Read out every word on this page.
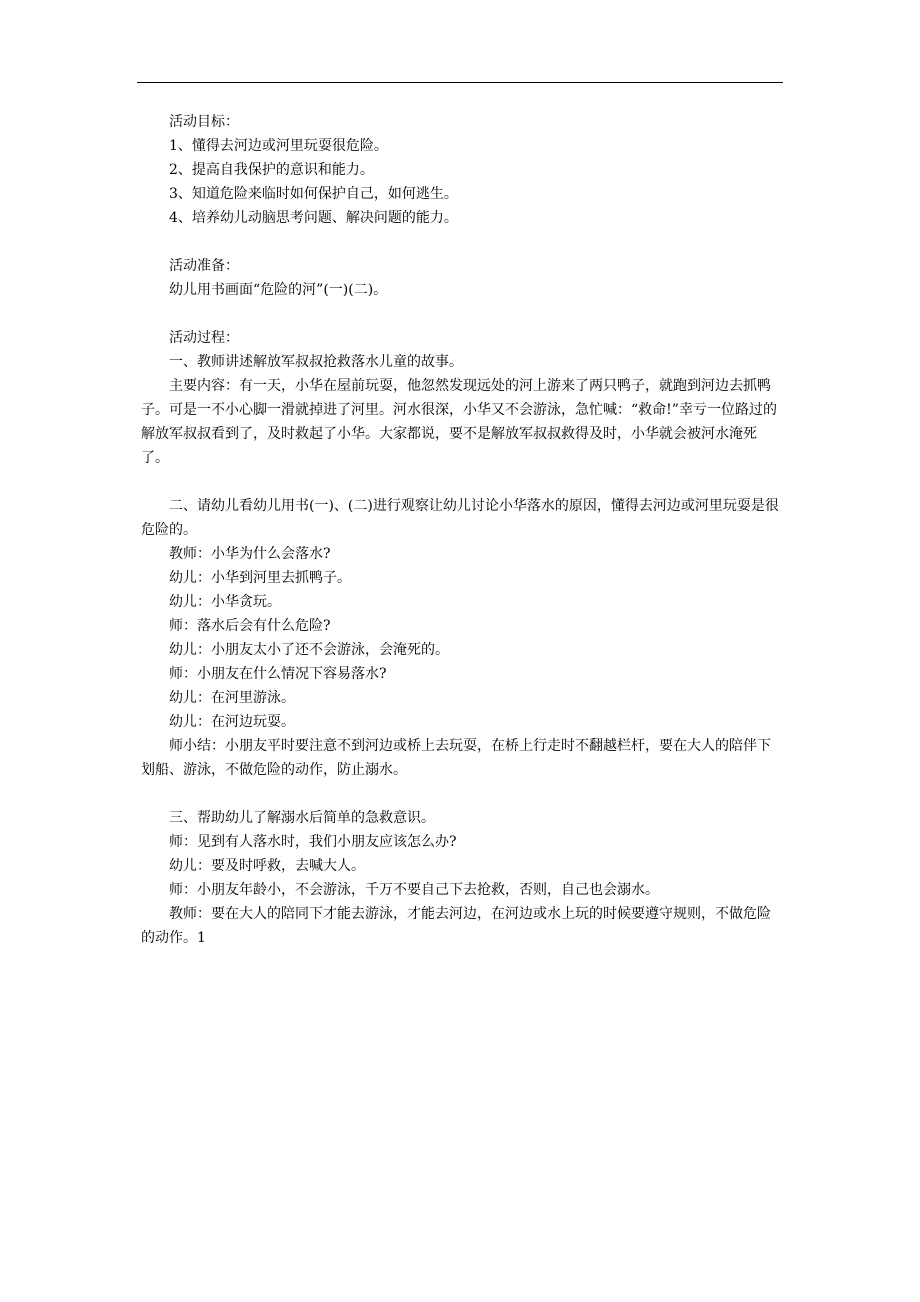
活动目标：

1、懂得去河边或河里玩耍很危险。

2、提高自我保护的意识和能力。

3、知道危险来临时如何保护自己，如何逃生。

4、培养幼儿动脑思考问题、解决问题的能力。

活动准备：

幼儿用书画面“危险的河”(一)(二)。

活动过程：

一、教师讲述解放军叔叔抢救落水儿童的故事。

主要内容：有一天，小华在屋前玩耍，他忽然发现远处的河上游来了两只鸭子，就跑到河边去抓鸭子。可是一不小心脚一滑就掉进了河里。河水很深，小华又不会游泳，急忙喊：“救命!”幸亏一位路过的解放军叔叔看到了，及时救起了小华。大家都说，要不是解放军叔叔救得及时，小华就会被河水淹死了。

二、请幼儿看幼儿用书(一)、(二)进行观察让幼儿讨论小华落水的原因，懂得去河边或河里玩耍是很危险的。

教师：小华为什么会落水?

幼儿：小华到河里去抓鸭子。

幼儿：小华贪玩。

师：落水后会有什么危险?

幼儿：小朋友太小了还不会游泳，会淹死的。

师：小朋友在什么情况下容易落水?

幼儿：在河里游泳。

幼儿：在河边玩耍。

师小结：小朋友平时要注意不到河边或桥上去玩耍，在桥上行走时不翻越栏杆，要在大人的陪伴下划船、游泳，不做危险的动作，防止溺水。

三、帮助幼儿了解溺水后简单的急救意识。

师：见到有人落水时，我们小朋友应该怎么办?

幼儿：要及时呼救，去喊大人。

师：小朋友年龄小，不会游泳，千万不要自己下去抢救，否则，自己也会溺水。

教师：要在大人的陪同下才能去游泳，才能去河边，在河边或水上玩的时候要遵守规则，不做危险的动作。1
